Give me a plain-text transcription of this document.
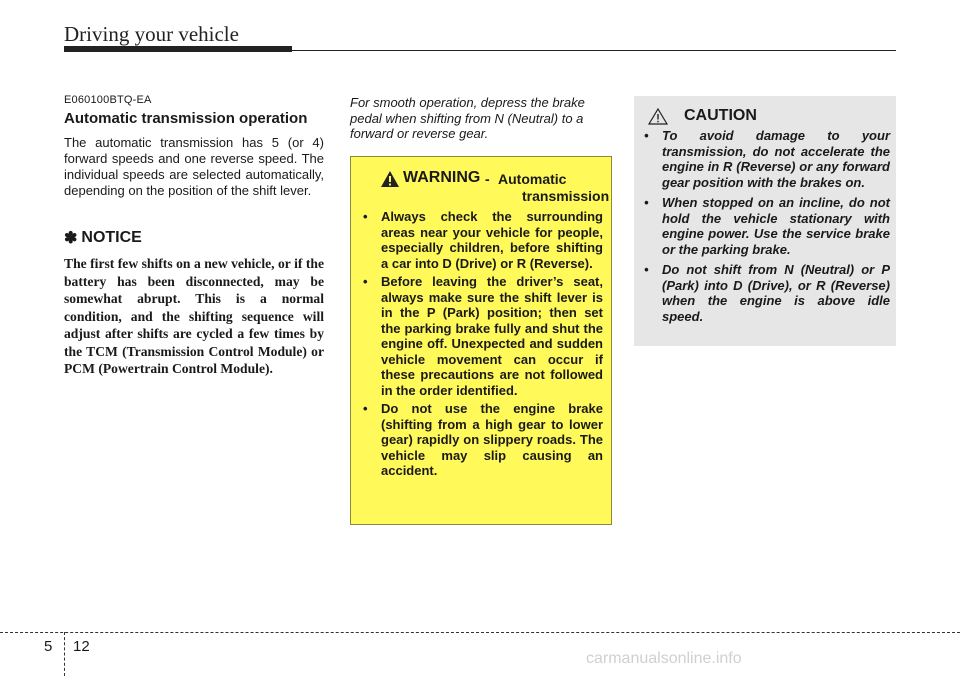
Driving your vehicle
E060100BTQ-EA
Automatic transmission operation
The automatic transmission has 5 (or 4) forward speeds and one reverse speed. The individual speeds are selected automatically, depending on the position of the shift lever.
✽ NOTICE
The first few shifts on a new vehicle, or if the battery has been disconnected, may be somewhat abrupt. This is a normal condition, and the shifting sequence will adjust after shifts are cycled a few times by the TCM (Transmission Control Module) or PCM (Powertrain Control Module).
For smooth operation, depress the brake pedal when shifting from N (Neutral) to a forward or reverse gear.
WARNING - Automatic
transmission
• Always check the surrounding areas near your vehicle for people, especially children, before shifting a car into D (Drive) or R (Reverse).
• Before leaving the driver’s seat, always make sure the shift lever is in the P (Park) position; then set the parking brake fully and shut the engine off. Unexpected and sudden vehicle movement can occur if these precautions are not followed in the order identified.
• Do not use the engine brake (shifting from a high gear to lower gear) rapidly on slippery roads. The vehicle may slip causing an accident.
CAUTION
• To avoid damage to your transmission, do not accelerate the engine in R (Reverse) or any forward gear position with the brakes on.
• When stopped on an incline, do not hold the vehicle stationary with engine power. Use the service brake or the parking brake.
• Do not shift from N (Neutral) or P (Park) into D (Drive), or R (Reverse) when the engine is above idle speed.
5 12
carmanualsonline.info
